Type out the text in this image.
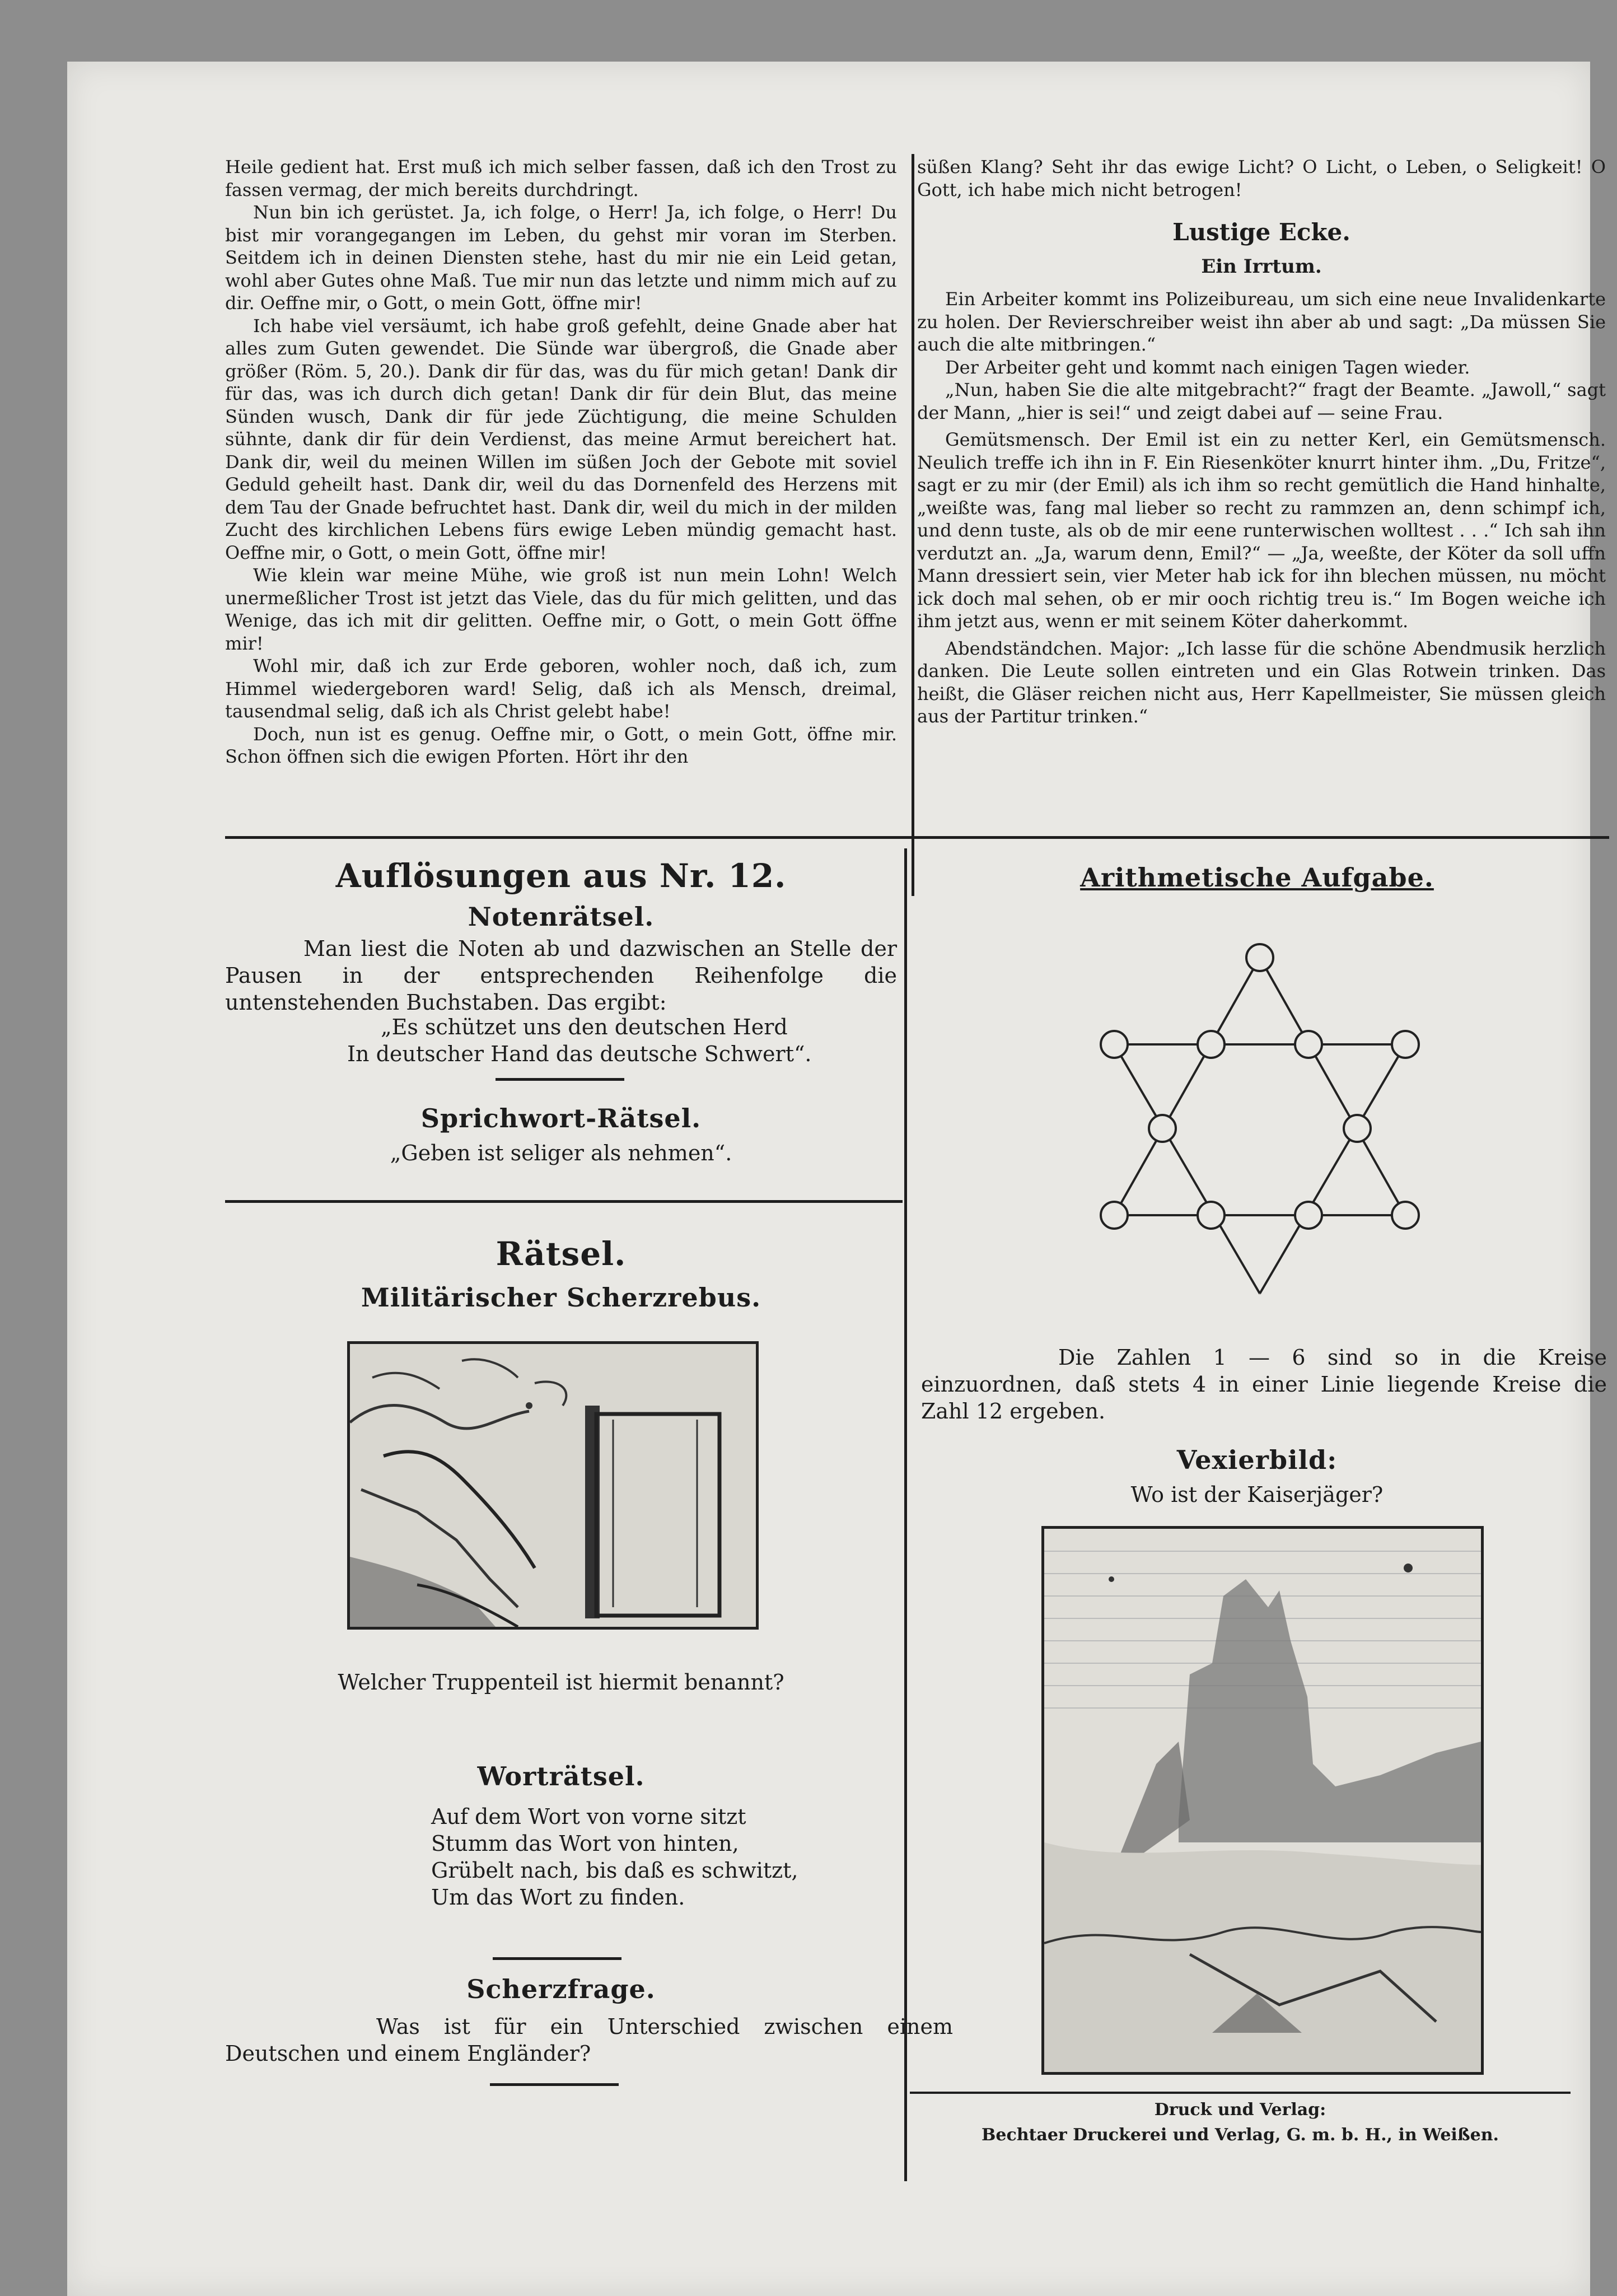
Heile gedient hat. Erst muß ich mich selber fassen, daß ich den Trost zu fassen vermag, der mich bereits durchdringt.

Nun bin ich gerüstet. Ja, ich folge, o Herr! Ja, ich folge, o Herr! Du bist mir vorangegangen im Leben, du gehst mir voran im Sterben. Seitdem ich in deinen Diensten stehe, hast du mir nie ein Leid getan, wohl aber Gutes ohne Maß. Tue mir nun das letzte und nimm mich auf zu dir. Oeffne mir, o Gott, o mein Gott, öffne mir!

Ich habe viel versäumt, ich habe groß gefehlt, deine Gnade aber hat alles zum Guten gewendet. Die Sünde war übergroß, die Gnade aber größer (Röm. 5, 20.). Dank dir für das, was du für mich getan! Dank dir für das, was ich durch dich getan! Dank dir für dein Blut, das meine Sünden wusch, Dank dir für jede Züchtigung, die meine Schulden sühnte, dank dir für dein Verdienst, das meine Armut bereichert hat. Dank dir, weil du meinen Willen im süßen Joch der Gebote mit soviel Geduld geheilt hast. Dank dir, weil du das Dornenfeld des Herzens mit dem Tau der Gnade befruchtet hast. Dank dir, weil du mich in der milden Zucht des kirchlichen Lebens fürs ewige Leben mündig gemacht hast. Oeffne mir, o Gott, o mein Gott, öffne mir!

Wie klein war meine Mühe, wie groß ist nun mein Lohn! Welch unermeßlicher Trost ist jetzt das Viele, das du für mich gelitten, und das Wenige, das ich mit dir gelitten. Oeffne mir, o Gott, o mein Gott öffne mir!

Wohl mir, daß ich zur Erde geboren, wohler noch, daß ich, zum Himmel wiedergeboren ward! Selig, daß ich als Mensch, dreimal, tausendmal selig, daß ich als Christ gelebt habe!

Doch, nun ist es genug. Oeffne mir, o Gott, o mein Gott, öffne mir. Schon öffnen sich die ewigen Pforten. Hört ihr den

süßen Klang? Seht ihr das ewige Licht? O Licht, o Leben, o Seligkeit! O Gott, ich habe mich nicht betrogen!

Lustige Ecke.
Ein Irrtum.

Ein Arbeiter kommt ins Polizeibureau, um sich eine neue Invalidenkarte zu holen. Der Revierschreiber weist ihn aber ab und sagt: „Da müssen Sie auch die alte mitbringen.“

Der Arbeiter geht und kommt nach einigen Tagen wieder.

„Nun, haben Sie die alte mitgebracht?“ fragt der Beamte. „Jawoll,“ sagt der Mann, „hier is sei!“ und zeigt dabei auf — seine Frau.

Gemütsmensch. Der Emil ist ein zu netter Kerl, ein Gemütsmensch. Neulich treffe ich ihn in F. Ein Riesenköter knurrt hinter ihm. „Du, Fritze“, sagt er zu mir (der Emil) als ich ihm so recht gemütlich die Hand hinhalte, „weißte was, fang mal lieber so recht zu rammzen an, denn schimpf ich, und denn tuste, als ob de mir eene runterwischen wolltest . . .“ Ich sah ihn verdutzt an. „Ja, warum denn, Emil?“ — „Ja, weeßte, der Köter da soll uffn Mann dressiert sein, vier Meter hab ick for ihn blechen müssen, nu möcht ick doch mal sehen, ob er mir ooch richtig treu is.“ Im Bogen weiche ich ihm jetzt aus, wenn er mit seinem Köter daherkommt.

Abendständchen. Major: „Ich lasse für die schöne Abendmusik herzlich danken. Die Leute sollen eintreten und ein Glas Rotwein trinken. Das heißt, die Gläser reichen nicht aus, Herr Kapellmeister, Sie müssen gleich aus der Partitur trinken.“

Auflösungen aus Nr. 12.
Notenrätsel.
Man liest die Noten ab und dazwischen an Stelle der Pausen in der entsprechenden Reihenfolge die untenstehenden Buchstaben. Das ergibt:
„Es schützet uns den deutschen Herd
In deutscher Hand das deutsche Schwert“.
Sprichwort-Rätsel.
„Geben ist seliger als nehmen“.
Rätsel.
Militärischer Scherzrebus.
Welcher Truppenteil ist hiermit benannt?
Worträtsel.
Auf dem Wort von vorne sitzt
Stumm das Wort von hinten,
Grübelt nach, bis daß es schwitzt,
Um das Wort zu finden.
Scherzfrage.
Was ist für ein Unterschied zwischen einem Deutschen und einem Engländer?
Arithmetische Aufgabe.
Die Zahlen 1 — 6 sind so in die Kreise einzuordnen, daß stets 4 in einer Linie liegende Kreise die Zahl 12 ergeben.
Vexierbild:
Wo ist der Kaiserjäger?
Druck und Verlag:
Bechtaer Druckerei und Verlag, G. m. b. H., in Weißen.
